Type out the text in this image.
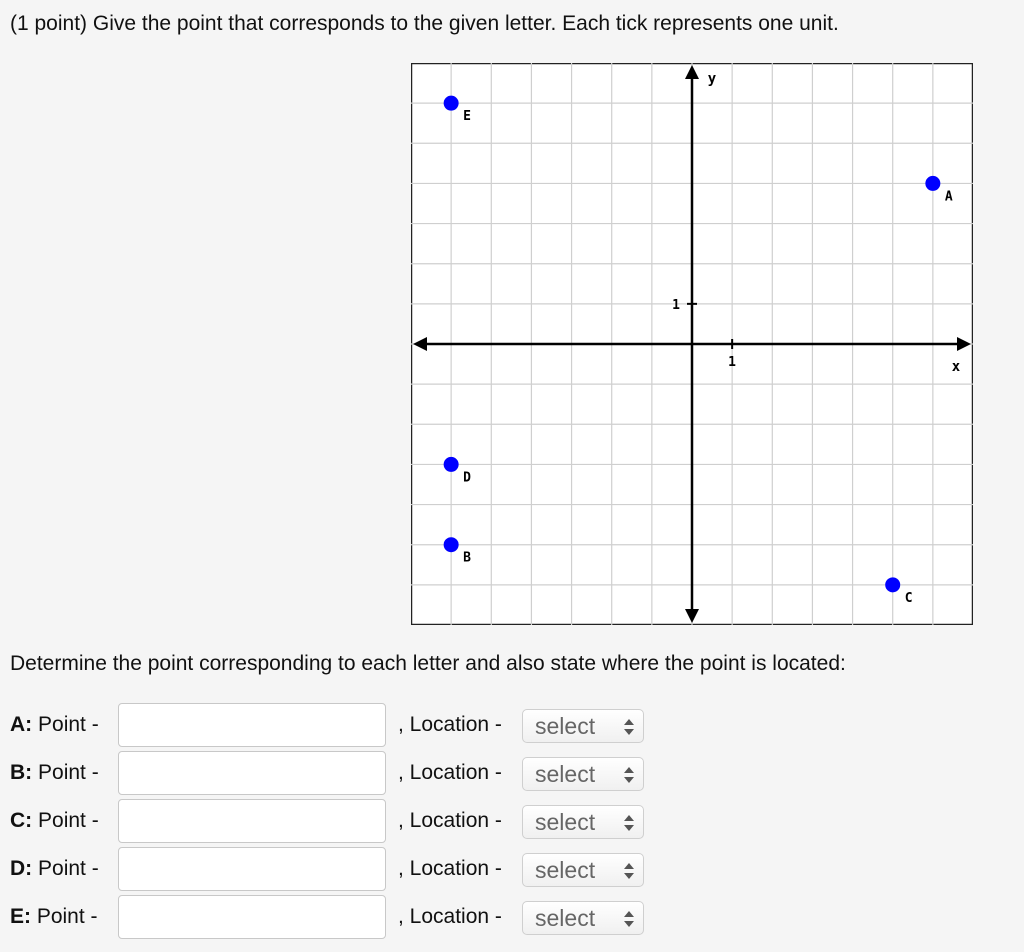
(1 point) Give the point that corresponds to the given letter. Each tick represents one unit.

x
y
1
1
A
B
C
D
E

Determine the point corresponding to each letter and also state where the point is located:

A: Point -	, Location - select
B: Point -	, Location - select
C: Point -	, Location - select
D: Point -	, Location - select
E: Point -	, Location - select
